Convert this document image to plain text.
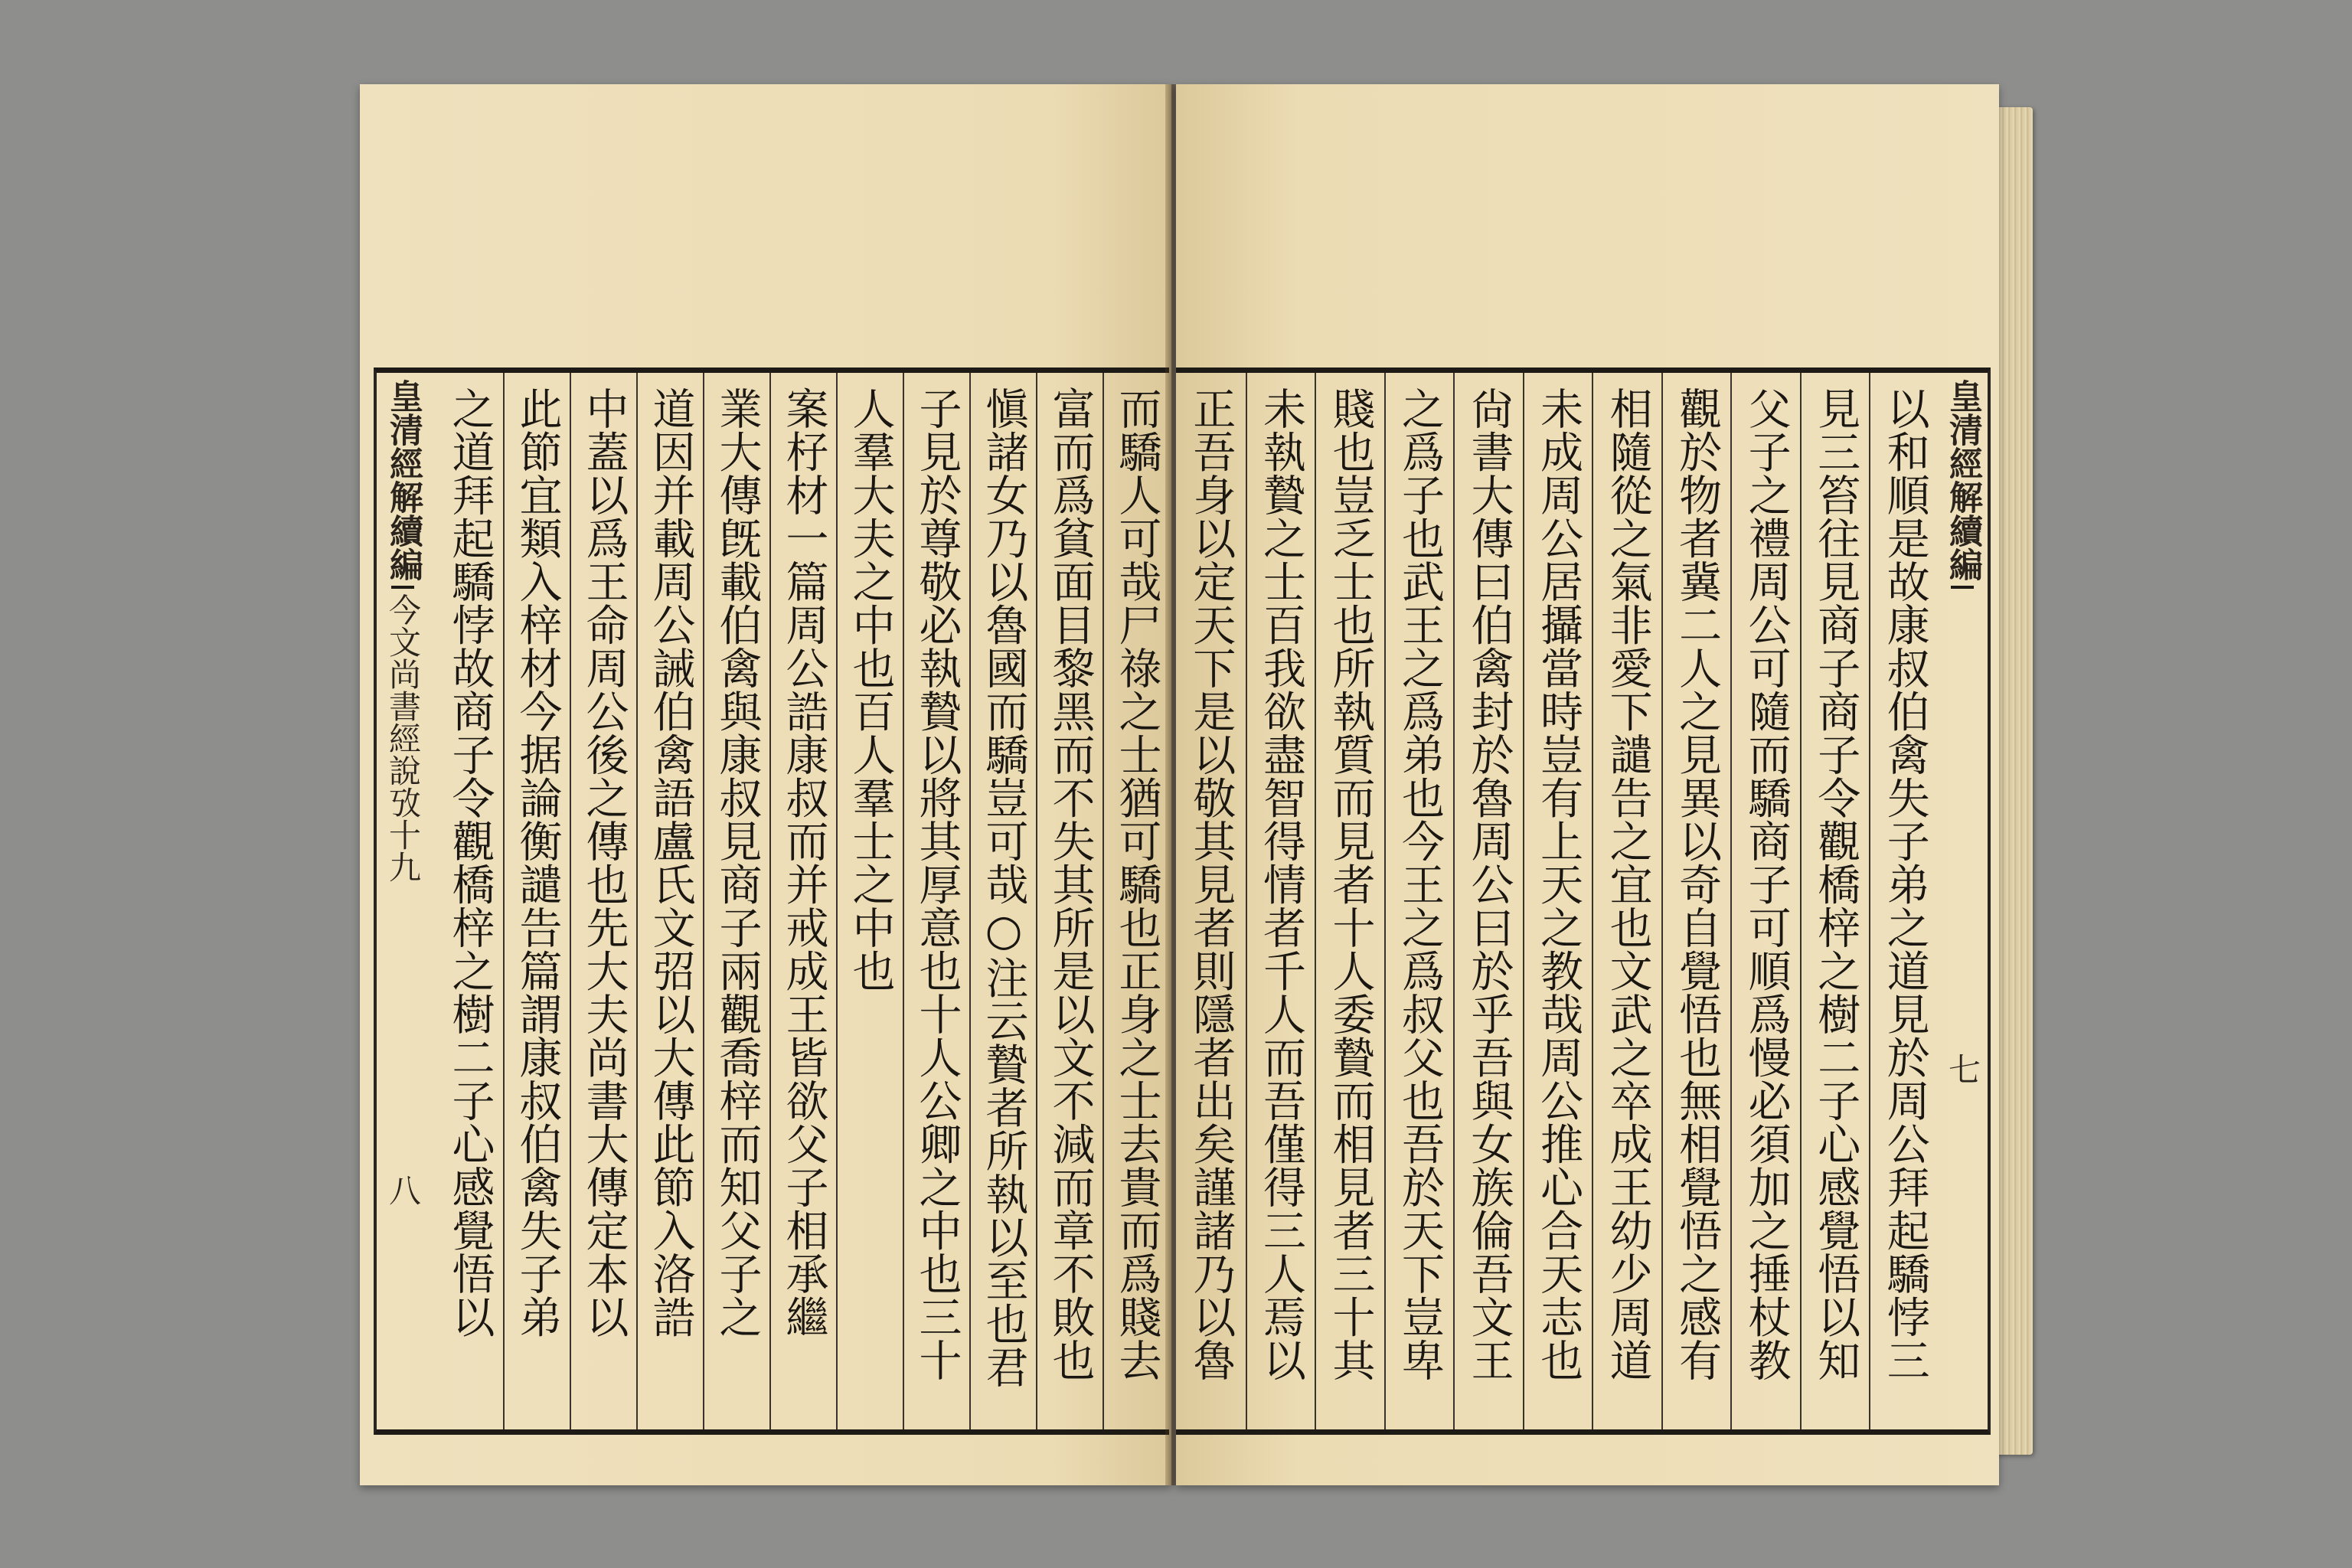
而驕人可哉尸祿之士猶可驕也正身之士去貴而爲賤去
富而爲貧面目黎黑而不失其所是以文不減而章不敗也
愼諸女乃以魯國而驕豈可哉○注云贄者所執以至也君
子見於尊敬必執贄以將其厚意也十人公卿之中也三十
人羣大夫之中也百人羣士之中也
案杍材一篇周公誥康叔而并戒成王皆欲父子相承繼
業大傳旣載伯禽與康叔見商子兩觀喬梓而知父子之
道因并載周公誡伯禽語盧氏文弨以大傳此節入洛誥
中蓋以爲王命周公後之傳也先大夫尚書大傳定本以
此節宜類入梓材今据論衡譴告篇謂康叔伯禽失子弟
之道拜起驕悖故商子令觀橋梓之樹二子心感覺悟以
皇清經解續編
今文尚書經說攷十九
八	以和順是故康叔伯禽失子弟之道見於周公拜起驕悖三
見三笞往見商子商子令觀橋梓之樹二子心感覺悟以知
父子之禮周公可隨而驕商子可順爲慢必須加之捶杖教
觀於物者冀二人之見異以奇自覺悟也無相覺悟之感有
相隨從之氣非愛下譴告之宜也文武之卒成王幼少周道
未成周公居攝當時豈有上天之教哉周公推心合天志也
尙書大傳曰伯禽封於魯周公曰於乎吾與女族倫吾文王
之爲子也武王之爲弟也今王之爲叔父也吾於天下豈卑
賤也豈乏士也所執質而見者十人委贄而相見者三十其
未執贄之士百我欲盡智得情者千人而吾僅得三人焉以
正吾身以定天下是以敬其見者則隱者出矣謹諸乃以魯	皇清經解續編
七
